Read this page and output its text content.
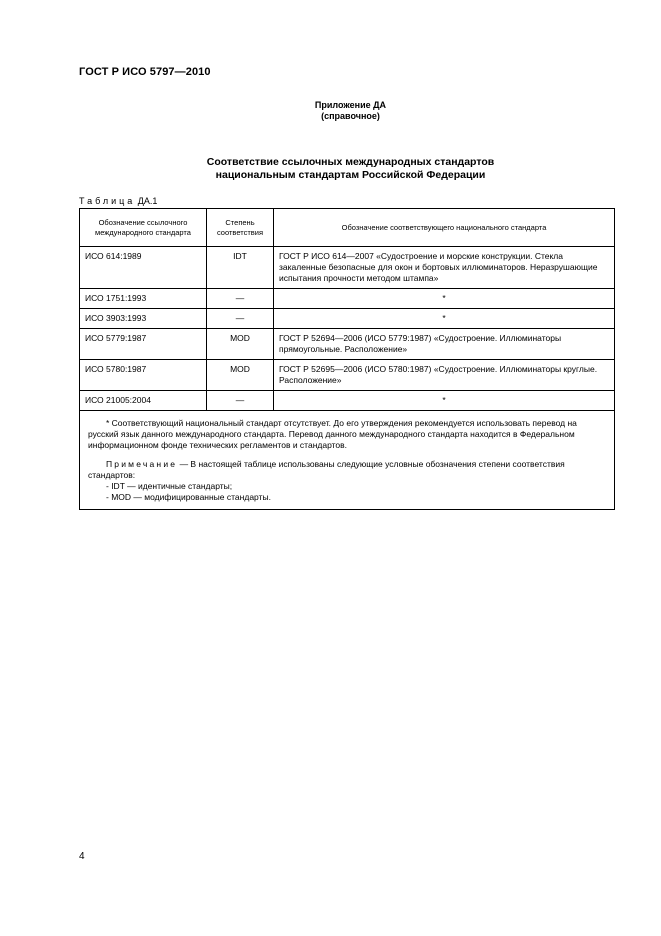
ГОСТ Р ИСО 5797—2010
Приложение ДА
(справочное)
Соответствие ссылочных международных стандартов
национальным стандартам Российской Федерации
Таблица ДА.1
Обозначение ссылочного международного стандарта	Степень соответствия	Обозначение соответствующего национального стандарта
ИСО 614:1989	IDT	ГОСТ Р ИСО 614—2007 «Судостроение и морские конструкции. Стекла закаленные безопасные для окон и бортовых иллюминаторов. Неразрушающие испытания прочности методом штампа»
ИСО 1751:1993	—	*
ИСО 3903:1993	—	*
ИСО 5779:1987	MOD	ГОСТ Р 52694—2006 (ИСО 5779:1987) «Судостроение. Иллюминаторы прямоугольные. Расположение»
ИСО 5780:1987	MOD	ГОСТ Р 52695—2006 (ИСО 5780:1987) «Судостроение. Иллюминаторы круглые. Расположение»
ИСО 21005:2004	—	*

* Соответствующий национальный стандарт отсутствует. До его утверждения рекомендуется использовать перевод на русский язык данного международного стандарта. Перевод данного международного стандарта находится в Федеральном информационном фонде технических регламентов и стандартов.

Примечание — В настоящей таблице использованы следующие условные обозначения степени соответствия стандартов:

- IDT — идентичные стандарты;

- MOD — модифицированные стандарты.		

4
